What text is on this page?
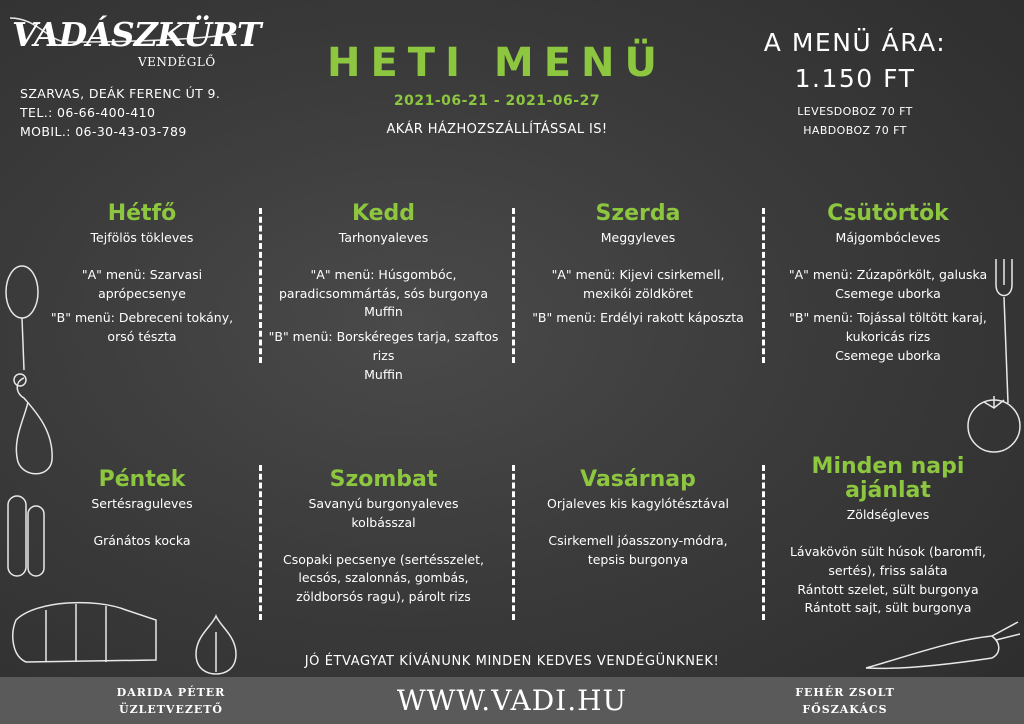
VADÁSZKÜRT
VENDÉGLŐ
SZARVAS, DEÁK FERENC ÚT 9.
TEL.: 06-66-400-410
MOBIL.: 06-30-43-03-789
HETI MENÜ
2021-06-21 - 2021-06-27
AKÁR HÁZHOZSZÁLLÍTÁSSAL IS!
A MENÜ ÁRA:
1.150 FT
LEVESDOBOZ 70 FT
HABDOBOZ 70 FT
Hétfő
Tejfölös tökleves
"A" menü: Szarvasi aprópecsenye
"B" menü: Debreceni tokány, orsó tészta
Kedd
Tarhonyaleves
"A" menü: Húsgombóc, paradicsommártás, sós burgonya
Muffin
"B" menü: Borskéreges tarja, szaftos rizs
Muffin
Szerda
Meggyleves
"A" menü: Kijevi csirkemell, mexikói zöldköret
"B" menü: Erdélyi rakott káposzta
Csütörtök
Májgombócleves
"A" menü: Zúzapörkölt, galuska
Csemege uborka
"B" menü: Tojással töltött karaj, kukoricás rizs
Csemege uborka
Péntek
Sertésraguleves
Gránátos kocka
Szombat
Savanyú burgonyaleves kolbásszal
Csopaki pecsenye (sertésszelet, lecsós, szalonnás, gombás, zöldborsós ragu), párolt rizs
Vasárnap
Orjaleves kis kagylótésztával
Csirkemell jóasszony-módra, tepsis burgonya
Minden napi ajánlat
Zöldségleves
Lávakövön sült húsok (baromfi, sertés), friss saláta
Rántott szelet, sült burgonya
Rántott sajt, sült burgonya
JÓ ÉTVAGYAT KÍVÁNUNK MINDEN KEDVES VENDÉGÜNKNEK!
DARIDA PÉTER
ÜZLETVEZETŐ	WWW.VADI.HU	FEHÉR ZSOLT
FŐSZAKÁCS
